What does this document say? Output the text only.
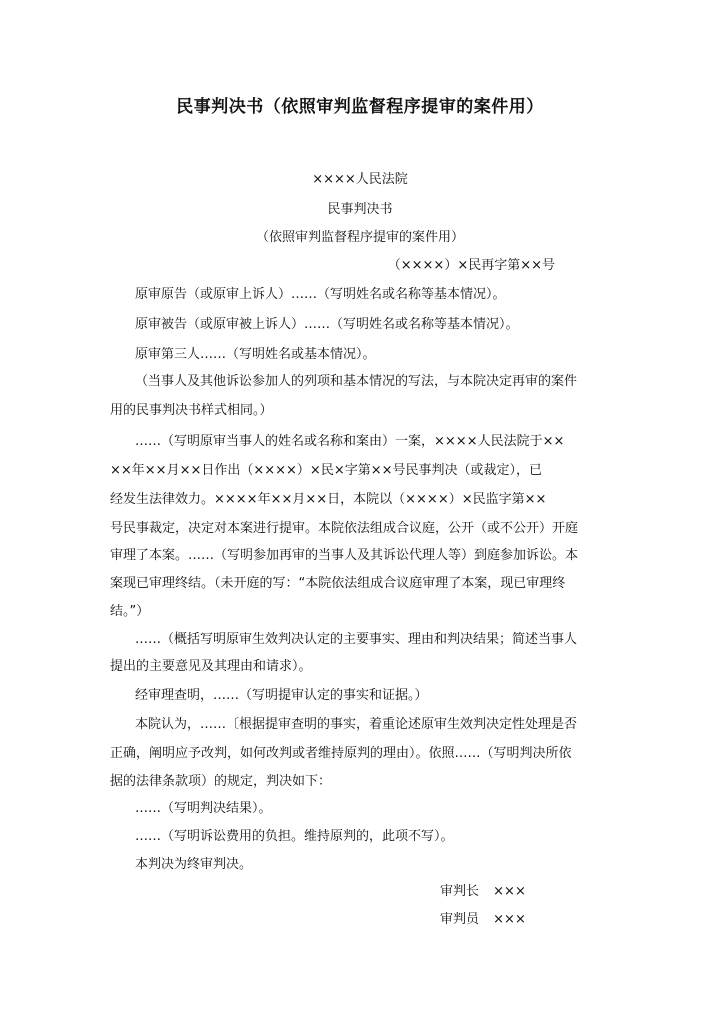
民事判决书（依照审判监督程序提审的案件用）
××××人民法院
民事判决书
（依照审判监督程序提审的案件用）
（××××）×民再字第××号
原审原告（或原审上诉人）……（写明姓名或名称等基本情况）。
原审被告（或原审被上诉人）……（写明姓名或名称等基本情况）。
原审第三人……（写明姓名或基本情况）。
（当事人及其他诉讼参加人的列项和基本情况的写法，与本院决定再审的案件
用的民事判决书样式相同。）
……（写明原审当事人的姓名或名称和案由）一案，××××人民法院于××
××年××月××日作出（××××）×民×字第××号民事判决（或裁定），已
经发生法律效力。××××年××月××日，本院以（××××）×民监字第××
号民事裁定，决定对本案进行提审。本院依法组成合议庭，公开（或不公开）开庭
审理了本案。……（写明参加再审的当事人及其诉讼代理人等）到庭参加诉讼。本
案现已审理终结。（未开庭的写：“本院依法组成合议庭审理了本案，现已审理终
结。”）
……（概括写明原审生效判决认定的主要事实、理由和判决结果；简述当事人
提出的主要意见及其理由和请求）。
经审理查明，……（写明提审认定的事实和证据。）
本院认为，……〔根据提审查明的事实，着重论述原审生效判决定性处理是否
正确，阐明应予改判，如何改判或者维持原判的理由）。依照……（写明判决所依
据的法律条款项）的规定，判决如下：
……（写明判决结果）。
……（写明诉讼费用的负担。维持原判的，此项不写）。
本判决为终审判决。
审判长 ×××
审判员 ×××
